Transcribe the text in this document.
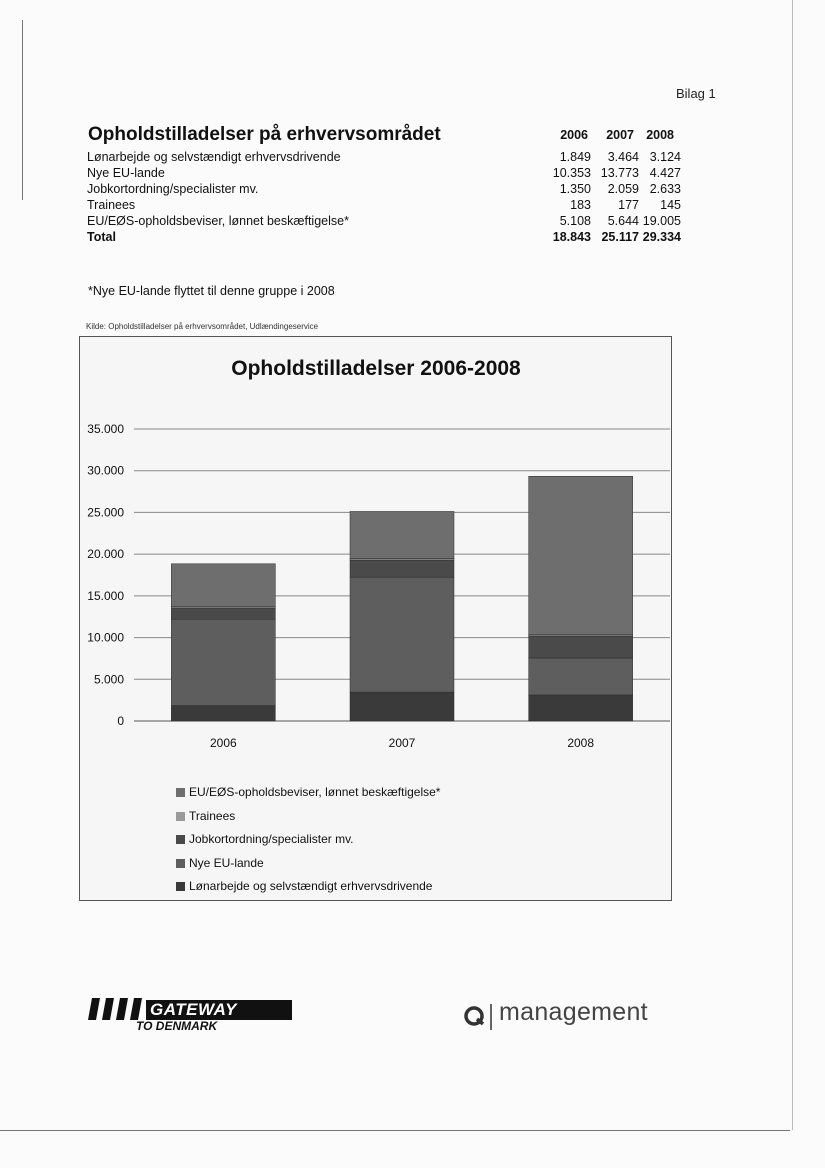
Bilag 1
Opholdstilladelser på erhvervsområdet
		2006	2007	2008
Lønarbejde og selvstændigt erhvervsdrivende	1.849	3.464	3.124
Nye EU-lande	10.353	13.773	4.427
Jobkortordning/specialister mv.	1.350	2.059	2.633
Trainees	183	177	145
EU/EØS-opholdsbeviser, lønnet beskæftigelse*	5.108	5.644	19.005
Total	18.843	25.117	29.334
*Nye EU-lande flyttet til denne gruppe i 2008
Kilde: Opholdstilladelser på erhvervsområdet, Udlændingeservice
Opholdstilladelser 2006-2008
0
5.000
10.000
15.000
20.000
25.000
30.000
35.000
2006	2007	2008
EU/EØS-opholdsbeviser, lønnet beskæftigelse*
Trainees
Jobkortordning/specialister mv.
Nye EU-lande
Lønarbejde og selvstændigt erhvervsdrivende
GATEWAY
TO DENMARK	management
